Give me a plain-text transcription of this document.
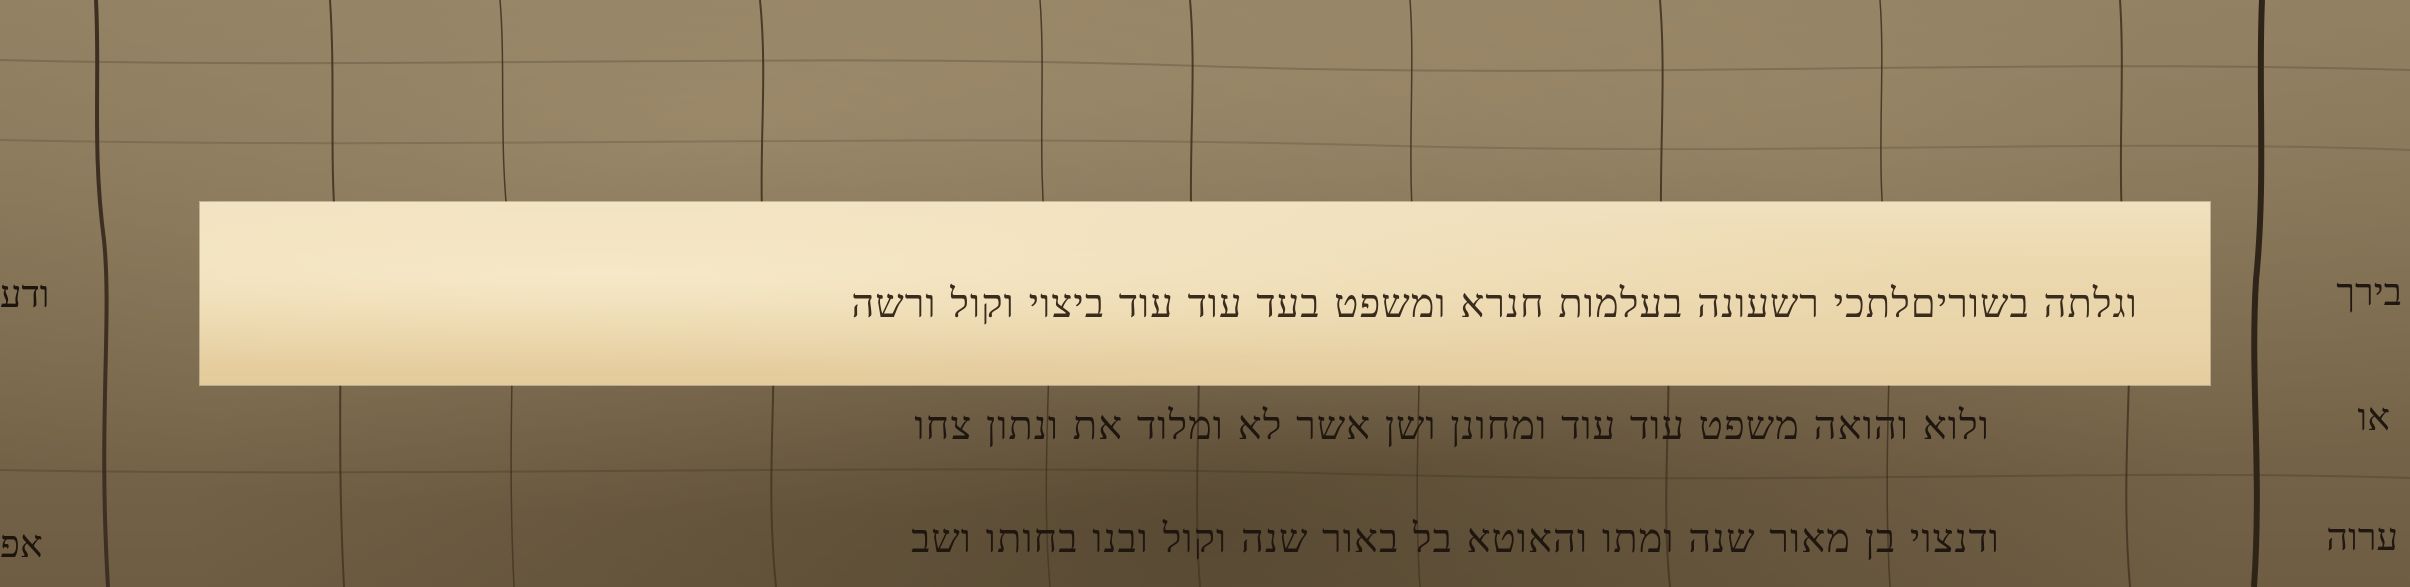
ודע
אפ
בירך
או
ערוה

ולוא והואה משפט עוד עוד ומחונן ושן אשר לא ומלוד את ונתון צחו

ודנצוי בן מאור שנה ומתו והאוטא בל באור שנה וקול ובנו בחותו ושב

וגלתה בשוריםלתכי רשעונה בעלמות חנרא ומשפט בעד עוד עוד ביצוי וקול ורשה
